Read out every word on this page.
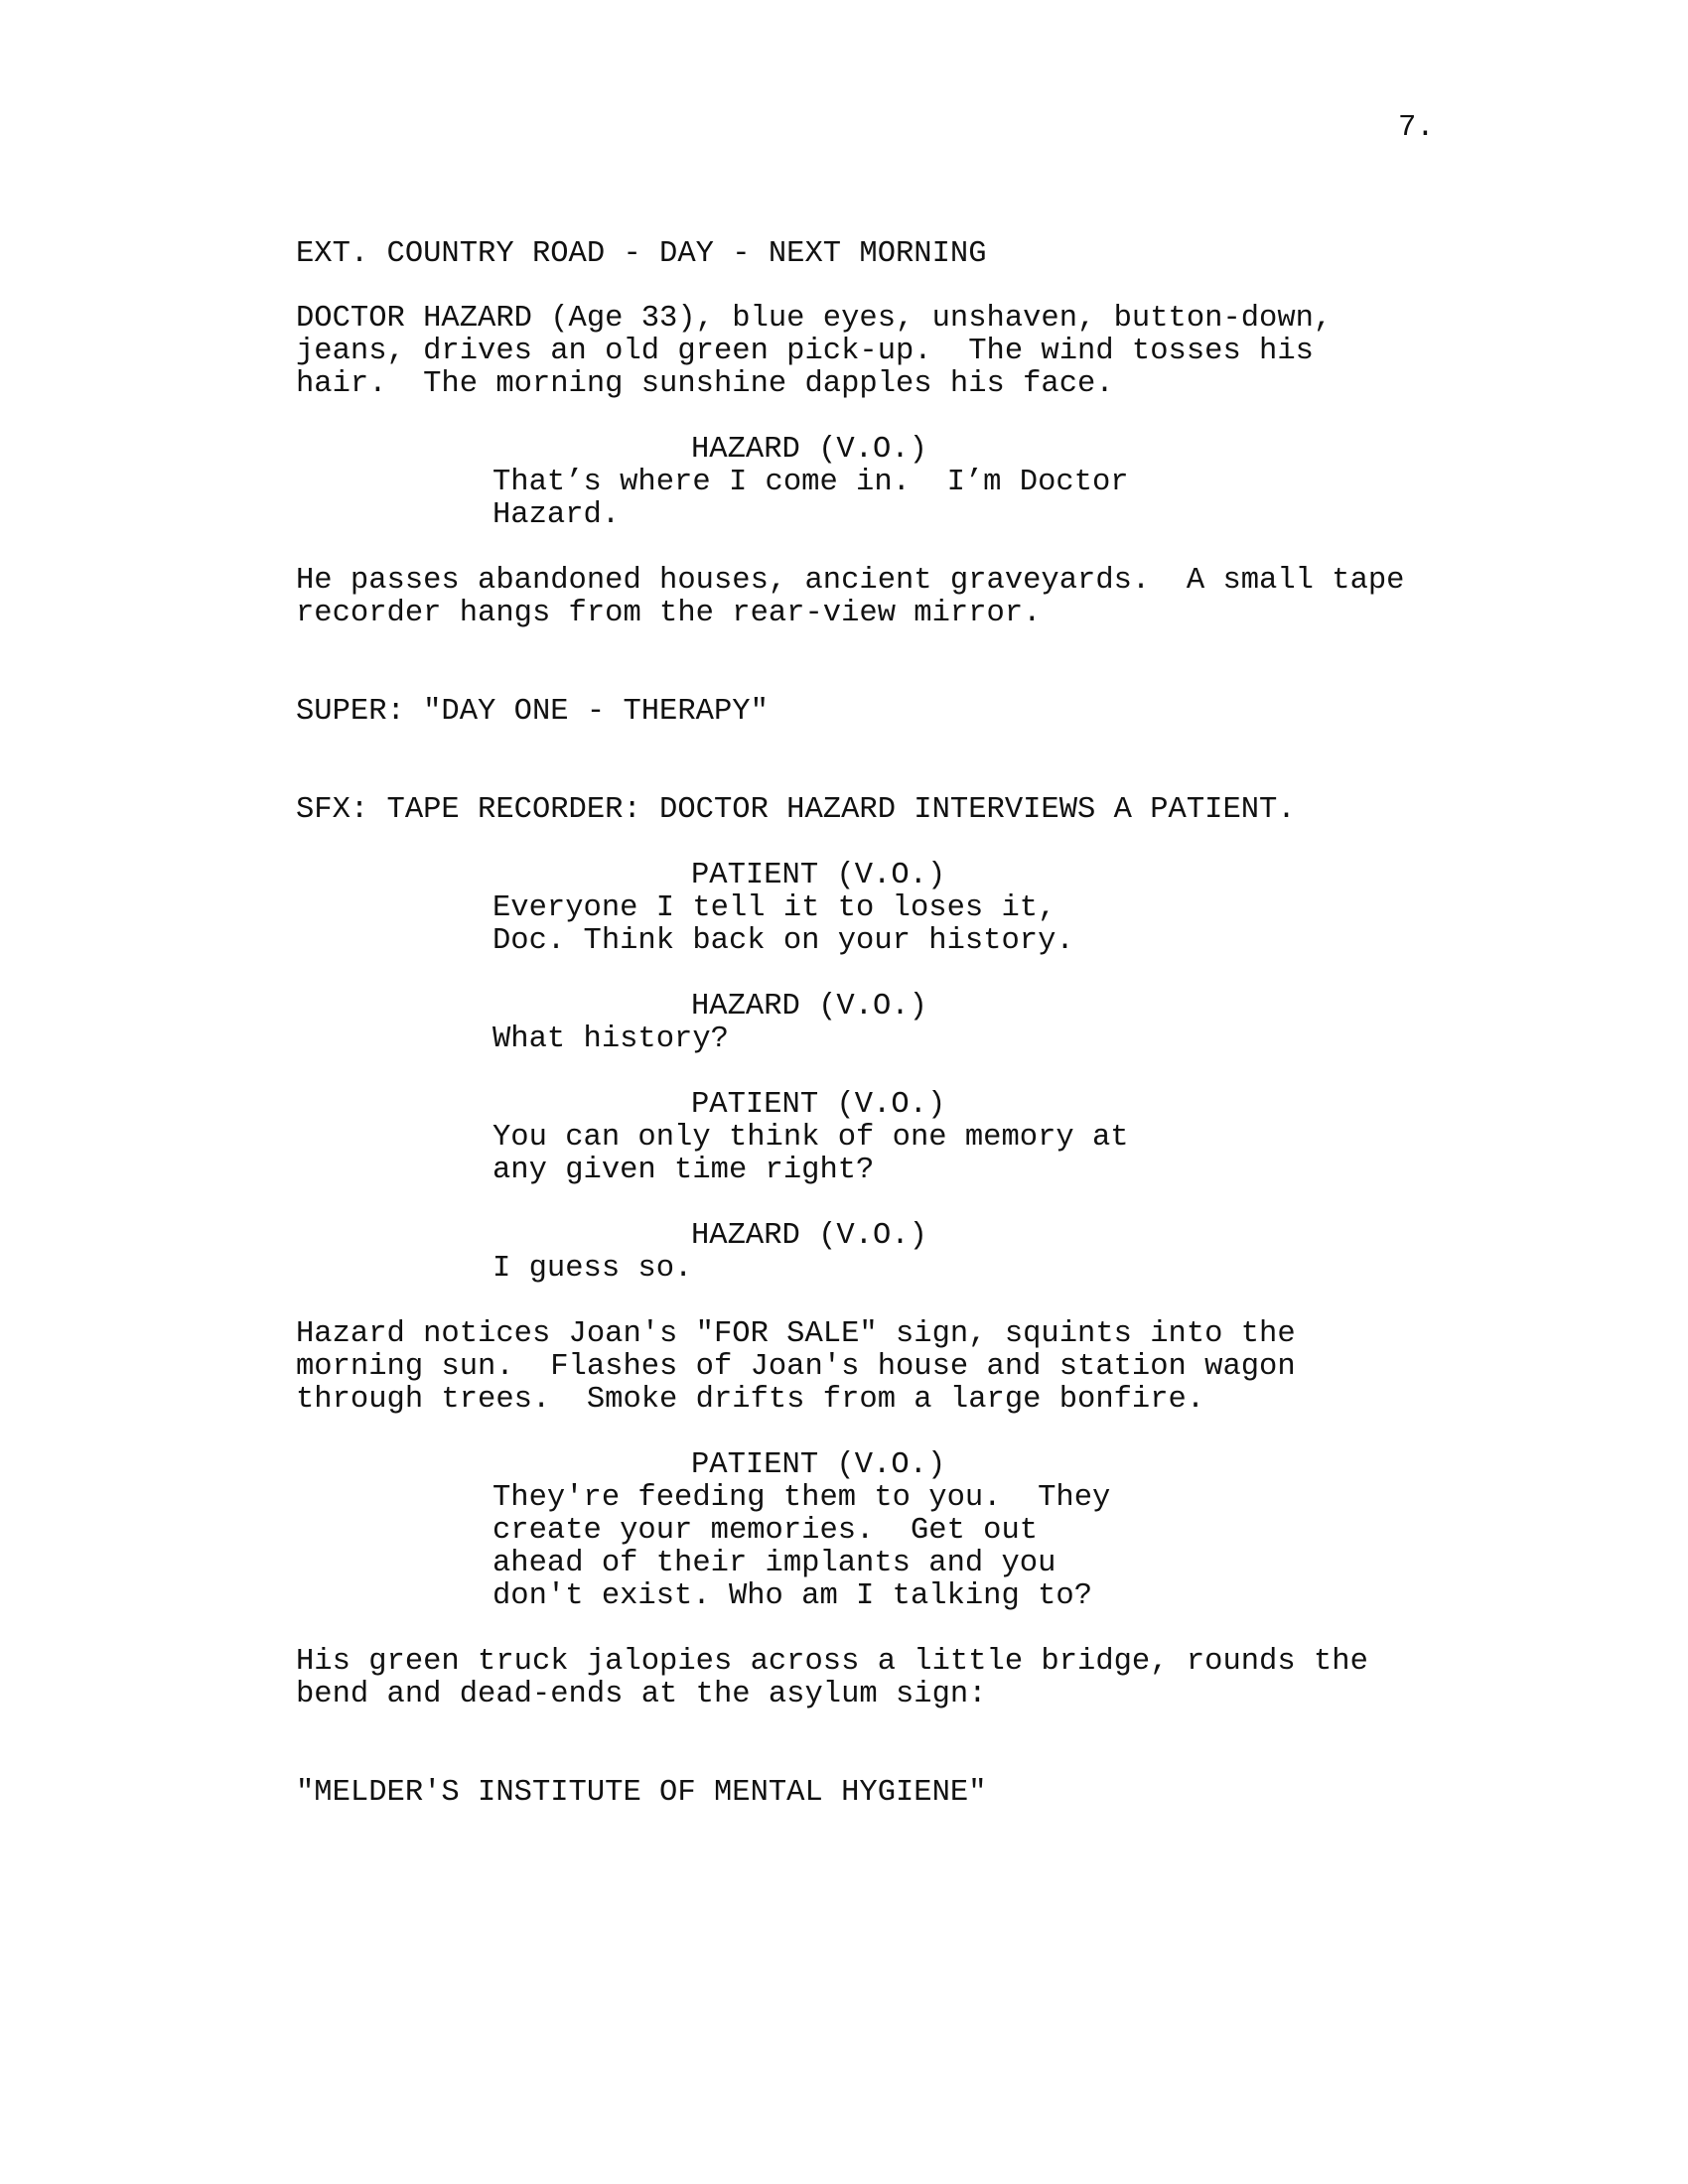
7.

EXT. COUNTRY ROAD - DAY - NEXT MORNING

DOCTOR HAZARD (Age 33), blue eyes, unshaven, button-down,

jeans, drives an old green pick-up.  The wind tosses his

hair.  The morning sunshine dapples his face.

HAZARD (V.O.)

That’s where I come in.  I’m Doctor

Hazard.

He passes abandoned houses, ancient graveyards.  A small tape

recorder hangs from the rear-view mirror.

SUPER: "DAY ONE - THERAPY"

SFX: TAPE RECORDER: DOCTOR HAZARD INTERVIEWS A PATIENT.

PATIENT (V.O.)

Everyone I tell it to loses it,

Doc. Think back on your history.

HAZARD (V.O.)

What history?

PATIENT (V.O.)

You can only think of one memory at

any given time right?

HAZARD (V.O.)

I guess so.

Hazard notices Joan's "FOR SALE" sign, squints into the

morning sun.  Flashes of Joan's house and station wagon

through trees.  Smoke drifts from a large bonfire.

PATIENT (V.O.)

They're feeding them to you.  They

create your memories.  Get out

ahead of their implants and you

don't exist. Who am I talking to?

His green truck jalopies across a little bridge, rounds the

bend and dead-ends at the asylum sign:

"MELDER'S INSTITUTE OF MENTAL HYGIENE"
